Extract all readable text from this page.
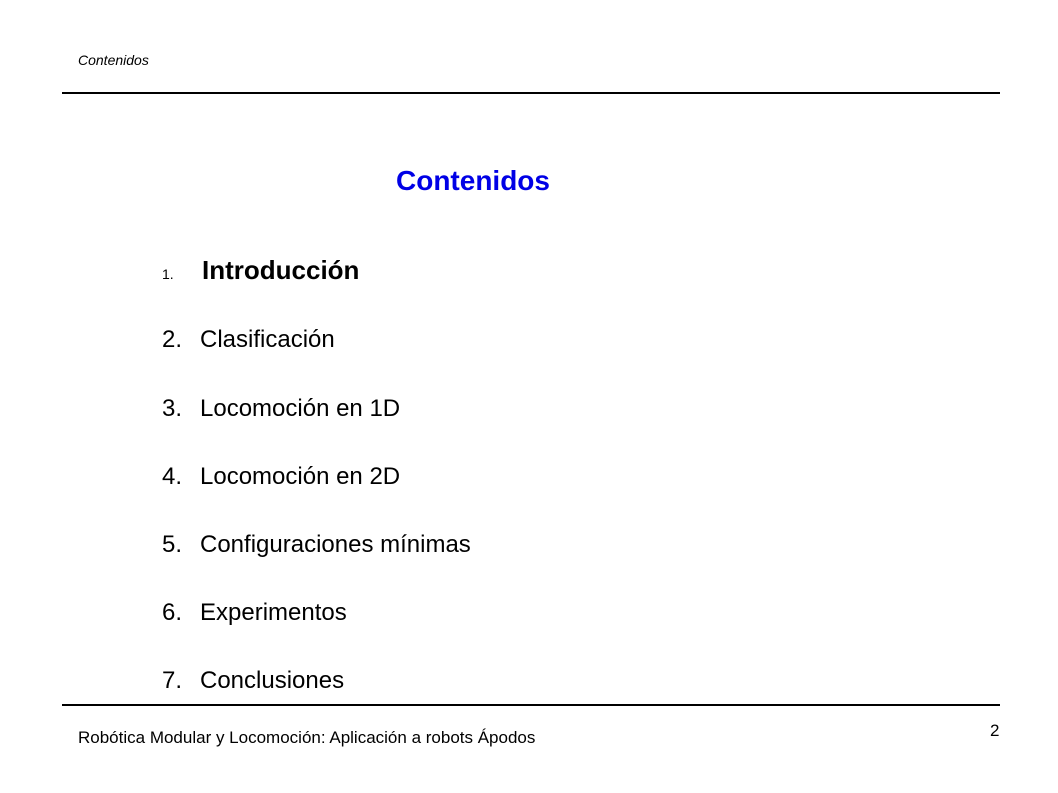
Contenidos
Contenidos
1. Introducción
2. Clasificación
3. Locomoción en 1D
4. Locomoción en 2D
5. Configuraciones mínimas
6. Experimentos
7. Conclusiones
Robótica Modular y Locomoción: Aplicación a robots Ápodos	2
